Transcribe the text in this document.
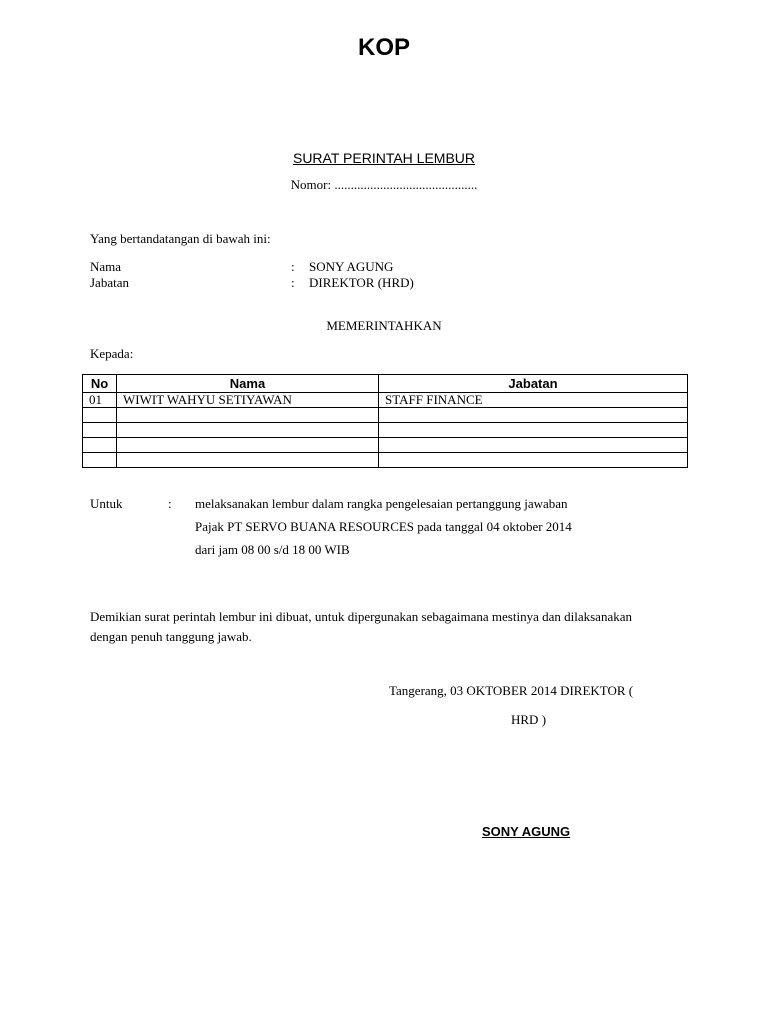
KOP
SURAT PERINTAH LEMBUR
Nomor: ............................................
Yang bertandatangan di bawah ini:
Nama	: SONY AGUNG
Jabatan	: DIREKTOR (HRD)
MEMERINTAHKAN
Kepada:
No	Nama	Jabatan
01	WIWIT WAHYU SETIYAWAN	STAFF FINANCE

Untuk	: melaksanakan lembur dalam rangka pengelesaian pertanggung jawaban
Pajak PT SERVO BUANA RESOURCES pada tanggal 04 oktober 2014
dari jam 08 00 s/d 18 00 WIB
Demikian surat perintah lembur ini dibuat, untuk dipergunakan sebagaimana mestinya dan dilaksanakan dengan penuh tanggung jawab.
Tangerang, 03 OKTOBER 2014 DIREKTOR (
HRD )
SONY AGUNG
